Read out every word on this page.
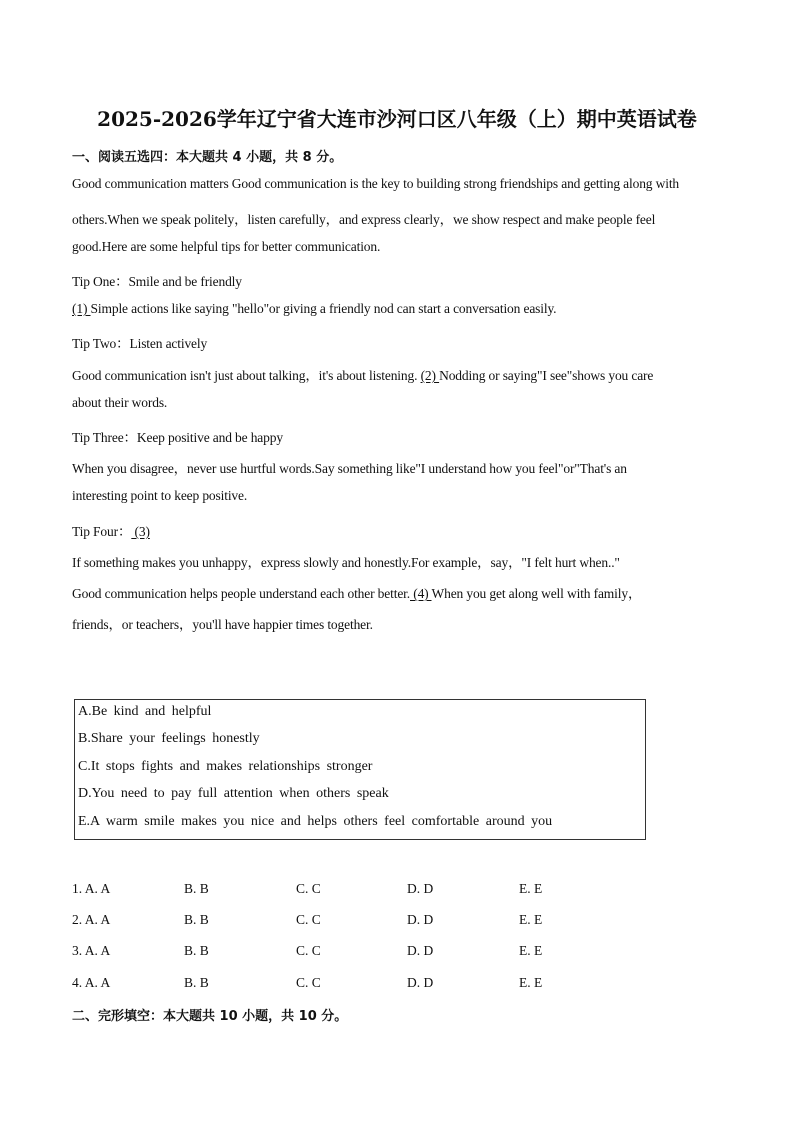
2025-2026学年辽宁省大连市沙河口区八年级（上）期中英语试卷
一、阅读五选四：本大题共 4 小题，共 8 分。
Good communication matters Good communication is the key to building strong friendships and getting along with
others.When we speak politely，listen carefully，and express clearly，we show respect and make people feel
good.Here are some helpful tips for better communication.
Tip One：Smile and be friendly
(1) Simple actions like saying "hello"or giving a friendly nod can start a conversation easily.
Tip Two：Listen actively
Good communication isn't just about talking，it's about listening. (2) Nodding or saying"I see"shows you care
about their words.
Tip Three：Keep positive and be happy
When you disagree，never use hurtful words.Say something like"I understand how you feel"or"That's an
interesting point to keep positive.
Tip Four： (3)
If something makes you unhappy，express slowly and honestly.For example，say，"I felt hurt when.."
Good communication helps people understand each other better. (4) When you get along well with family，
friends，or teachers，you'll have happier times together.
A.Be kind and helpful
B.Share your feelings honestly
C.It stops fights and makes relationships stronger
D.You need to pay full attention when others speak
E.A warm smile makes you nice and helps others feel comfortable around you
1. A. A	B. B	C. C	D. D	E. E
2. A. A	B. B	C. C	D. D	E. E
3. A. A	B. B	C. C	D. D	E. E
4. A. A	B. B	C. C	D. D	E. E
二、完形填空：本大题共 10 小题，共 10 分。
